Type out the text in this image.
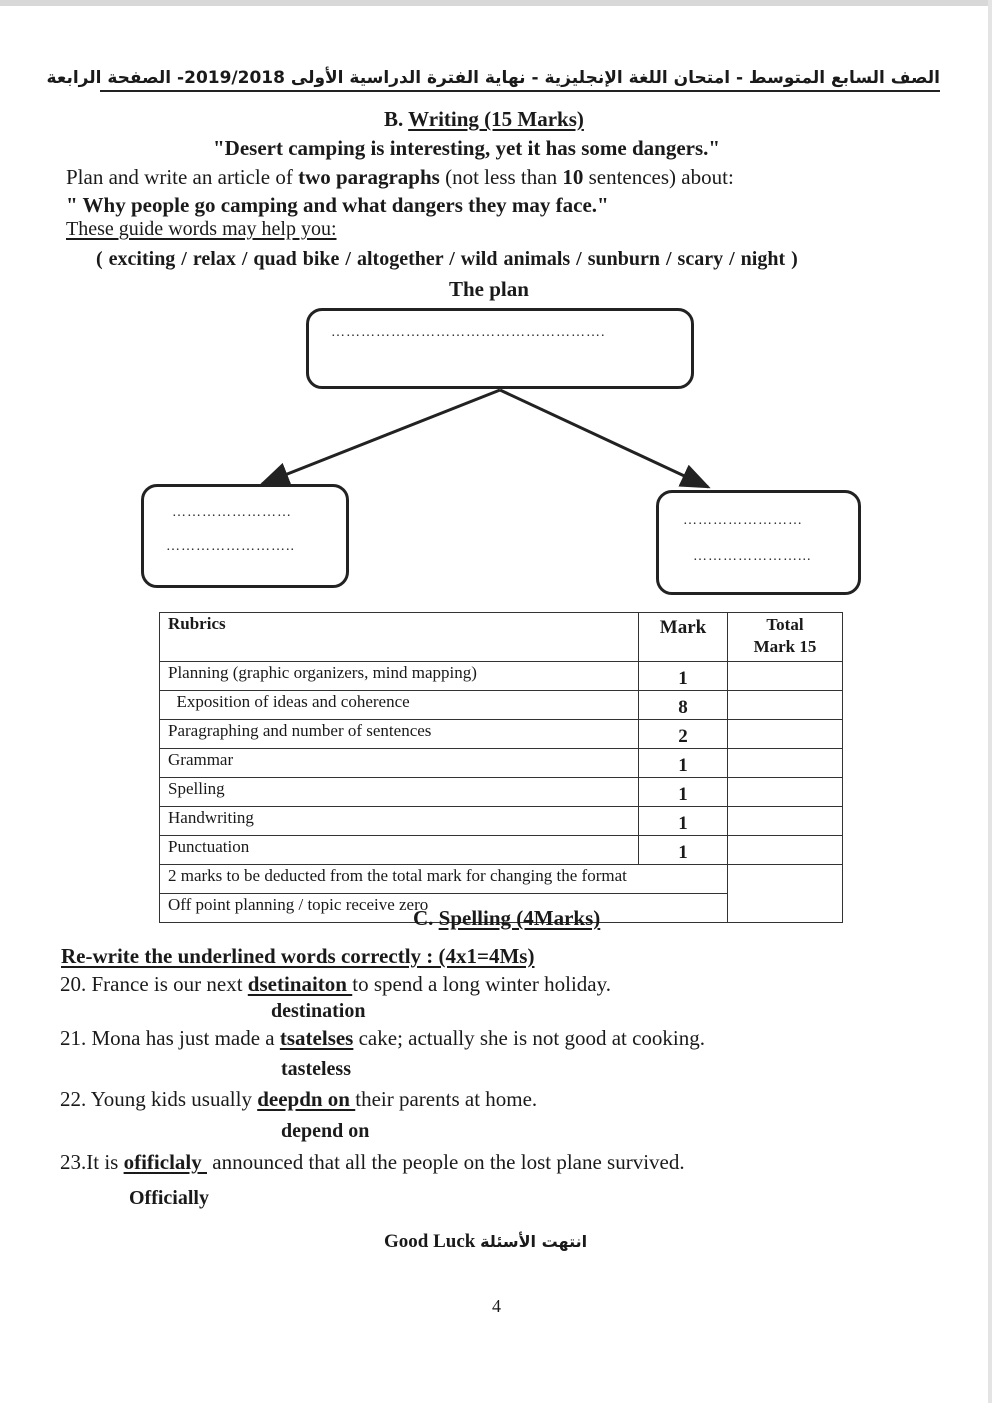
الصف السابع المتوسط - امتحان اللغة الإنجليزية - نهاية الفترة الدراسية الأولى 2019/2018- الصفحة الرابعة
B. Writing (15 Marks)
"Desert camping is interesting, yet it has some dangers."
Plan and write an article of two paragraphs (not less than 10 sentences) about:
" Why people go camping and what dangers they may face."
These guide words may help you:
( exciting / relax / quad bike / altogether / wild animals / sunburn / scary / night )
The plan
……………………………………………….
……………………
……………………..
……………………
…………………...
Rubrics	Mark	Total
Mark 15

Planning (graphic organizers, mind mapping)	1	
Exposition of ideas and coherence	8	
Paragraphing and number of sentences	2	
Grammar	1	
Spelling	1	
Handwriting	1	
Punctuation	1	
2 marks to be deducted from the total mark for changing the format		
Off point planning / topic receive zero		
C. Spelling (4Marks)
Re-write the underlined words correctly : (4x1=4Ms)
20. France is our next dsetinaiton to spend a long winter holiday.
destination
21. Mona has just made a tsatelses cake; actually she is not good at cooking.
tasteless
22. Young kids usually deepdn on their parents at home.
depend on
23.It is ofificlaly  announced that all the people on the lost plane survived.
Officially
Good Luck انتهت الأسئلة
4
